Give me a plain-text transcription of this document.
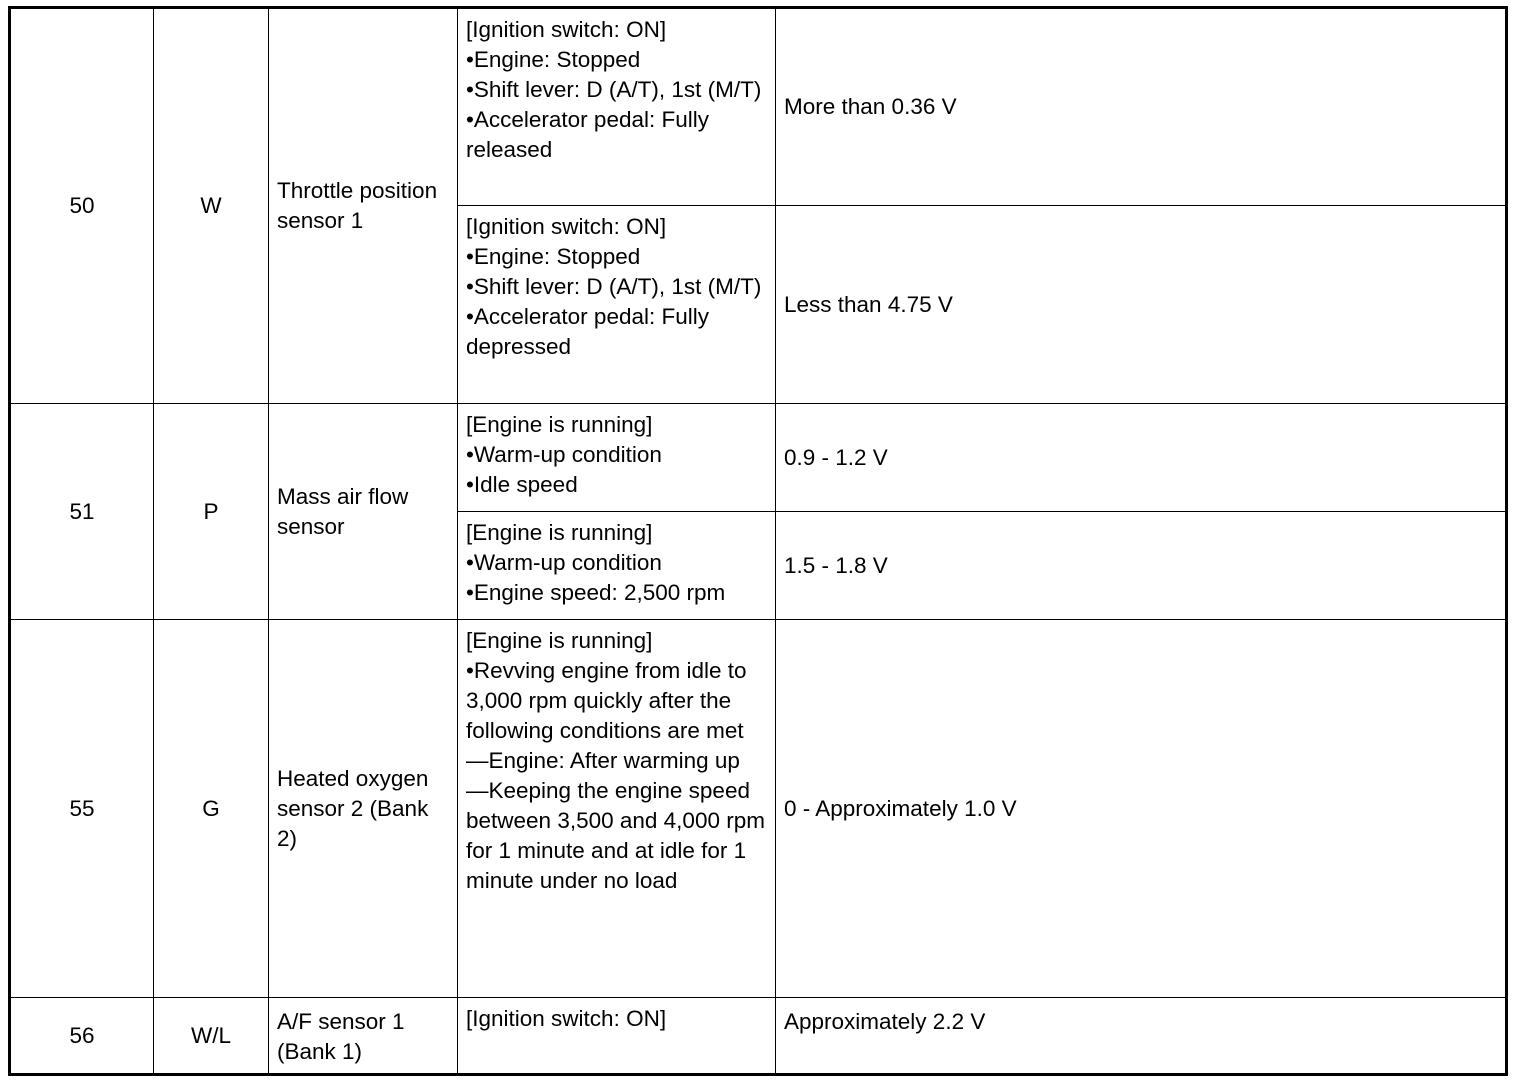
50	W	Throttle position sensor 1	[Ignition switch: ON]
•Engine: Stopped
•Shift lever: D (A/T), 1st (M/T)
•Accelerator pedal: Fully released	More than 0.36 V

			[Ignition switch: ON]
•Engine: Stopped
•Shift lever: D (A/T), 1st (M/T)
•Accelerator pedal: Fully depressed	Less than 4.75 V
51	P	Mass air flow sensor	[Engine is running]
•Warm-up condition
•Idle speed	0.9 - 1.2 V

			[Engine is running]
•Warm-up condition
•Engine speed: 2,500 rpm	1.5 - 1.8 V
55	G	Heated oxygen sensor 2 (Bank 2)	[Engine is running]
•Revving engine from idle to 3,000 rpm quickly after the following conditions are met
—Engine: After warming up
—Keeping the engine speed between 3,500 and 4,000 rpm for 1 minute and at idle for 1 minute under no load	0 - Approximately 1.0 V
56	W/L	A/F sensor 1 (Bank 1)	[Ignition switch: ON]	Approximately 2.2 V
